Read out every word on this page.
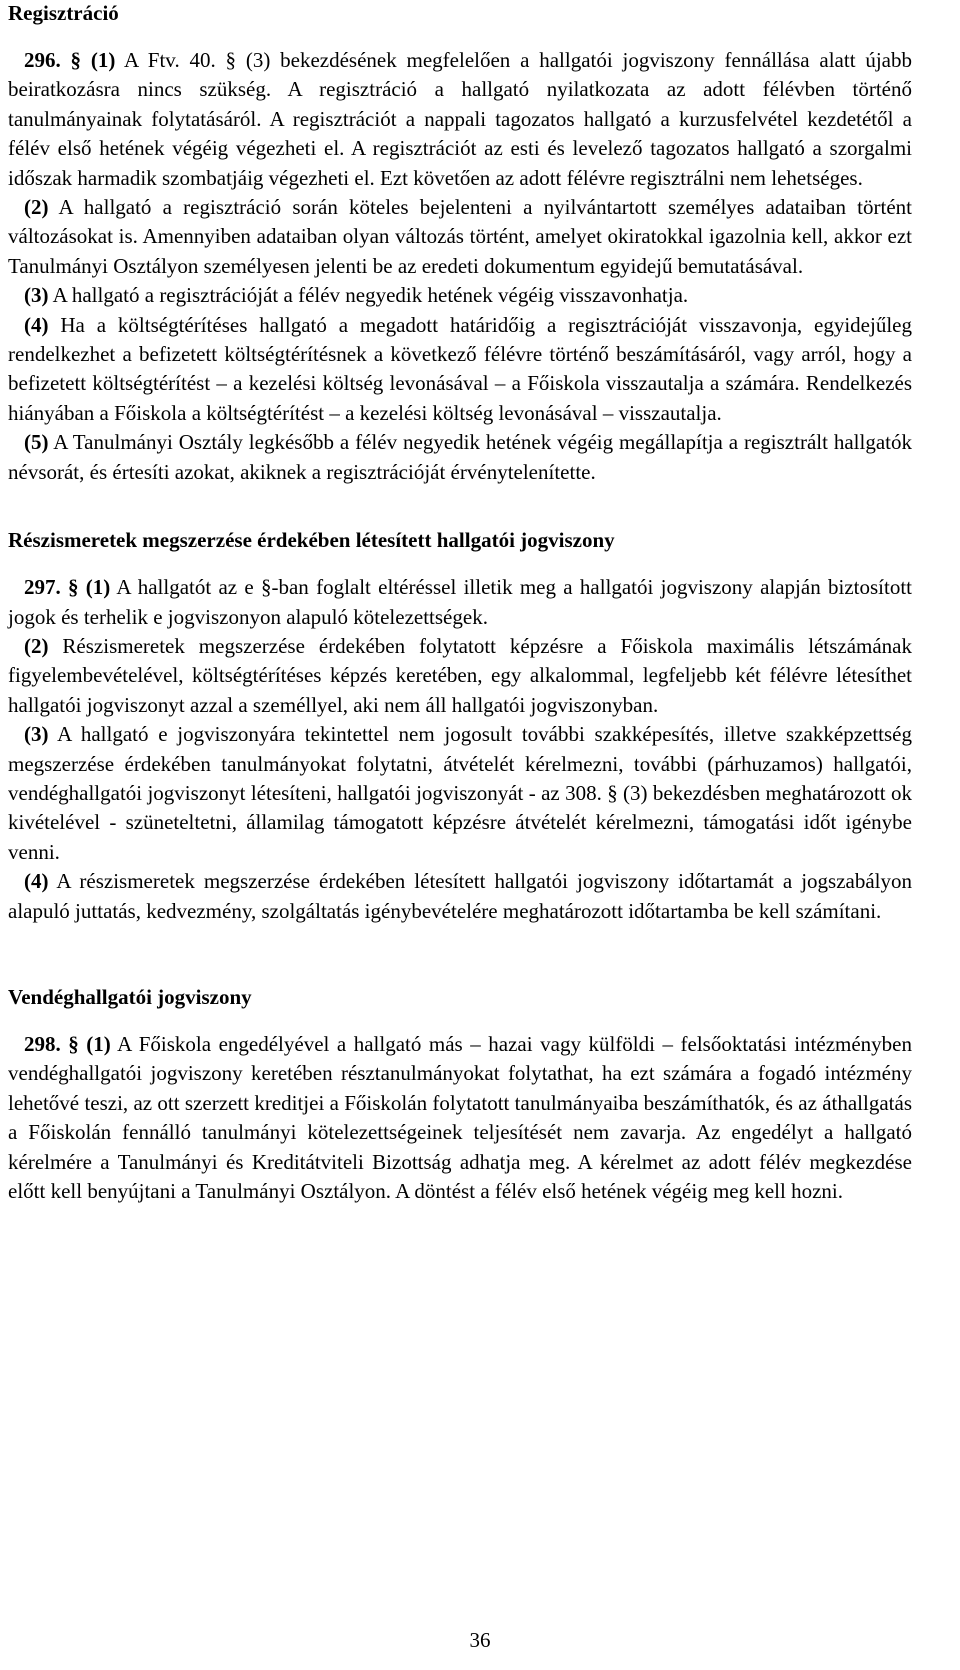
Regisztráció

296. § (1) A Ftv. 40. § (3) bekezdésének megfelelően a hallgatói jogviszony fennállása alatt újabb beiratkozásra nincs szükség. A regisztráció a hallgató nyilatkozata az adott félévben történő tanulmányainak folytatásáról. A regisztrációt a nappali tagozatos hallgató a kurzusfelvétel kezdetétől a félév első hetének végéig végezheti el. A regisztrációt az esti és levelező tagozatos hallgató a szorgalmi időszak harmadik szombatjáig végezheti el. Ezt követően az adott félévre regisztrálni nem lehetséges.

(2) A hallgató a regisztráció során köteles bejelenteni a nyilvántartott személyes adataiban történt változásokat is. Amennyiben adataiban olyan változás történt, amelyet okiratokkal igazolnia kell, akkor ezt Tanulmányi Osztályon személyesen jelenti be az eredeti dokumentum egyidejű bemutatásával.

(3) A hallgató a regisztrációját a félév negyedik hetének végéig visszavonhatja.

(4) Ha a költségtérítéses hallgató a megadott határidőig a regisztrációját visszavonja, egyidejűleg rendelkezhet a befizetett költségtérítésnek a következő félévre történő beszámításáról, vagy arról, hogy a befizetett költségtérítést – a kezelési költség levonásával – a Főiskola visszautalja a számára. Rendelkezés hiányában a Főiskola a költségtérítést – a kezelési költség levonásával – visszautalja.

(5) A Tanulmányi Osztály legkésőbb a félév negyedik hetének végéig megállapítja a regisztrált hallgatók névsorát, és értesíti azokat, akiknek a regisztrációját érvénytelenítette.

Részismeretek megszerzése érdekében létesített hallgatói jogviszony

297. § (1) A hallgatót az e §-ban foglalt eltéréssel illetik meg a hallgatói jogviszony alapján biztosított jogok és terhelik e jogviszonyon alapuló kötelezettségek.

(2) Részismeretek megszerzése érdekében folytatott képzésre a Főiskola maximális létszámának figyelembevételével, költségtérítéses képzés keretében, egy alkalommal, legfeljebb két félévre létesíthet hallgatói jogviszonyt azzal a személlyel, aki nem áll hallgatói jogviszonyban.

(3) A hallgató e jogviszonyára tekintettel nem jogosult további szakképesítés, illetve szakképzettség megszerzése érdekében tanulmányokat folytatni, átvételét kérelmezni, további (párhuzamos) hallgatói, vendéghallgatói jogviszonyt létesíteni, hallgatói jogviszonyát - az 308. § (3) bekezdésben meghatározott ok kivételével - szüneteltetni, államilag támogatott képzésre átvételét kérelmezni, támogatási időt igénybe venni.

(4) A részismeretek megszerzése érdekében létesített hallgatói jogviszony időtartamát a jogszabályon alapuló juttatás, kedvezmény, szolgáltatás igénybevételére meghatározott időtartamba be kell számítani.

Vendéghallgatói jogviszony

298. § (1) A Főiskola engedélyével a hallgató más – hazai vagy külföldi – felsőoktatási intézményben vendéghallgatói jogviszony keretében résztanulmányokat folytathat, ha ezt számára a fogadó intézmény lehetővé teszi, az ott szerzett kreditjei a Főiskolán folytatott tanulmányaiba beszámíthatók, és az áthallgatás a Főiskolán fennálló tanulmányi kötelezettségeinek teljesítését nem zavarja. Az engedélyt a hallgató kérelmére a Tanulmányi és Kreditátviteli Bizottság adhatja meg. A kérelmet az adott félév megkezdése előtt kell benyújtani a Tanulmányi Osztályon. A döntést a félév első hetének végéig meg kell hozni.

36
